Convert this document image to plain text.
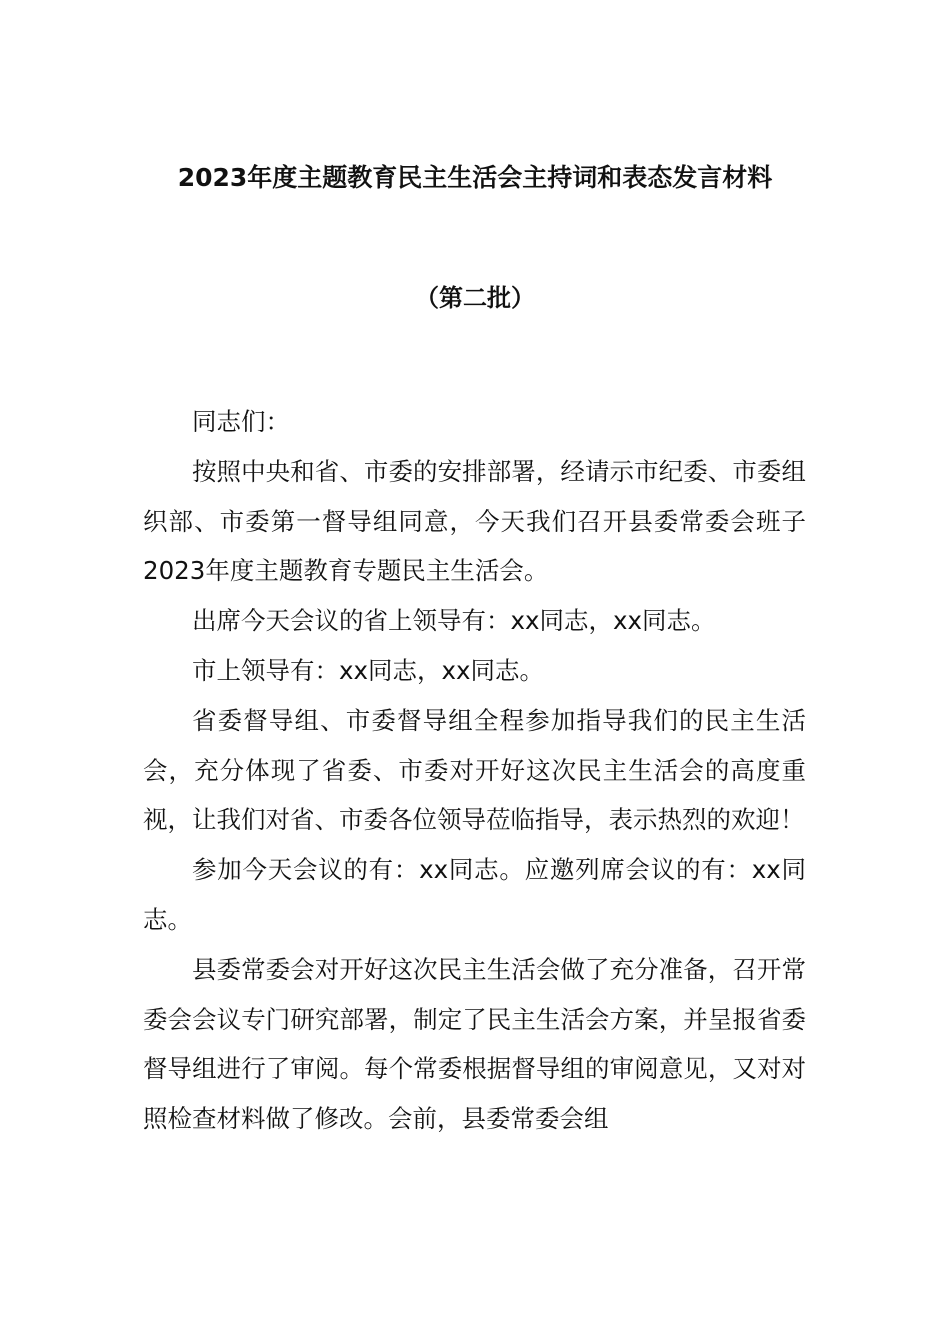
2023年度主题教育民主生活会主持词和表态发言材料
（第二批）

同志们：

按照中央和省、市委的安排部署，经请示市纪委、市委组织部、市委第一督导组同意，今天我们召开县委常委会班子2023年度主题教育专题民主生活会。

出席今天会议的省上领导有：xx同志，xx同志。

市上领导有：xx同志，xx同志。

省委督导组、市委督导组全程参加指导我们的民主生活会，充分体现了省委、市委对开好这次民主生活会的高度重视，让我们对省、市委各位领导莅临指导，表示热烈的欢迎！

参加今天会议的有：xx同志。应邀列席会议的有：xx同志。

县委常委会对开好这次民主生活会做了充分准备，召开常委会会议专门研究部署，制定了民主生活会方案，并呈报省委督导组进行了审阅。每个常委根据督导组的审阅意见，又对对照检查材料做了修改。会前，县委常委会组
